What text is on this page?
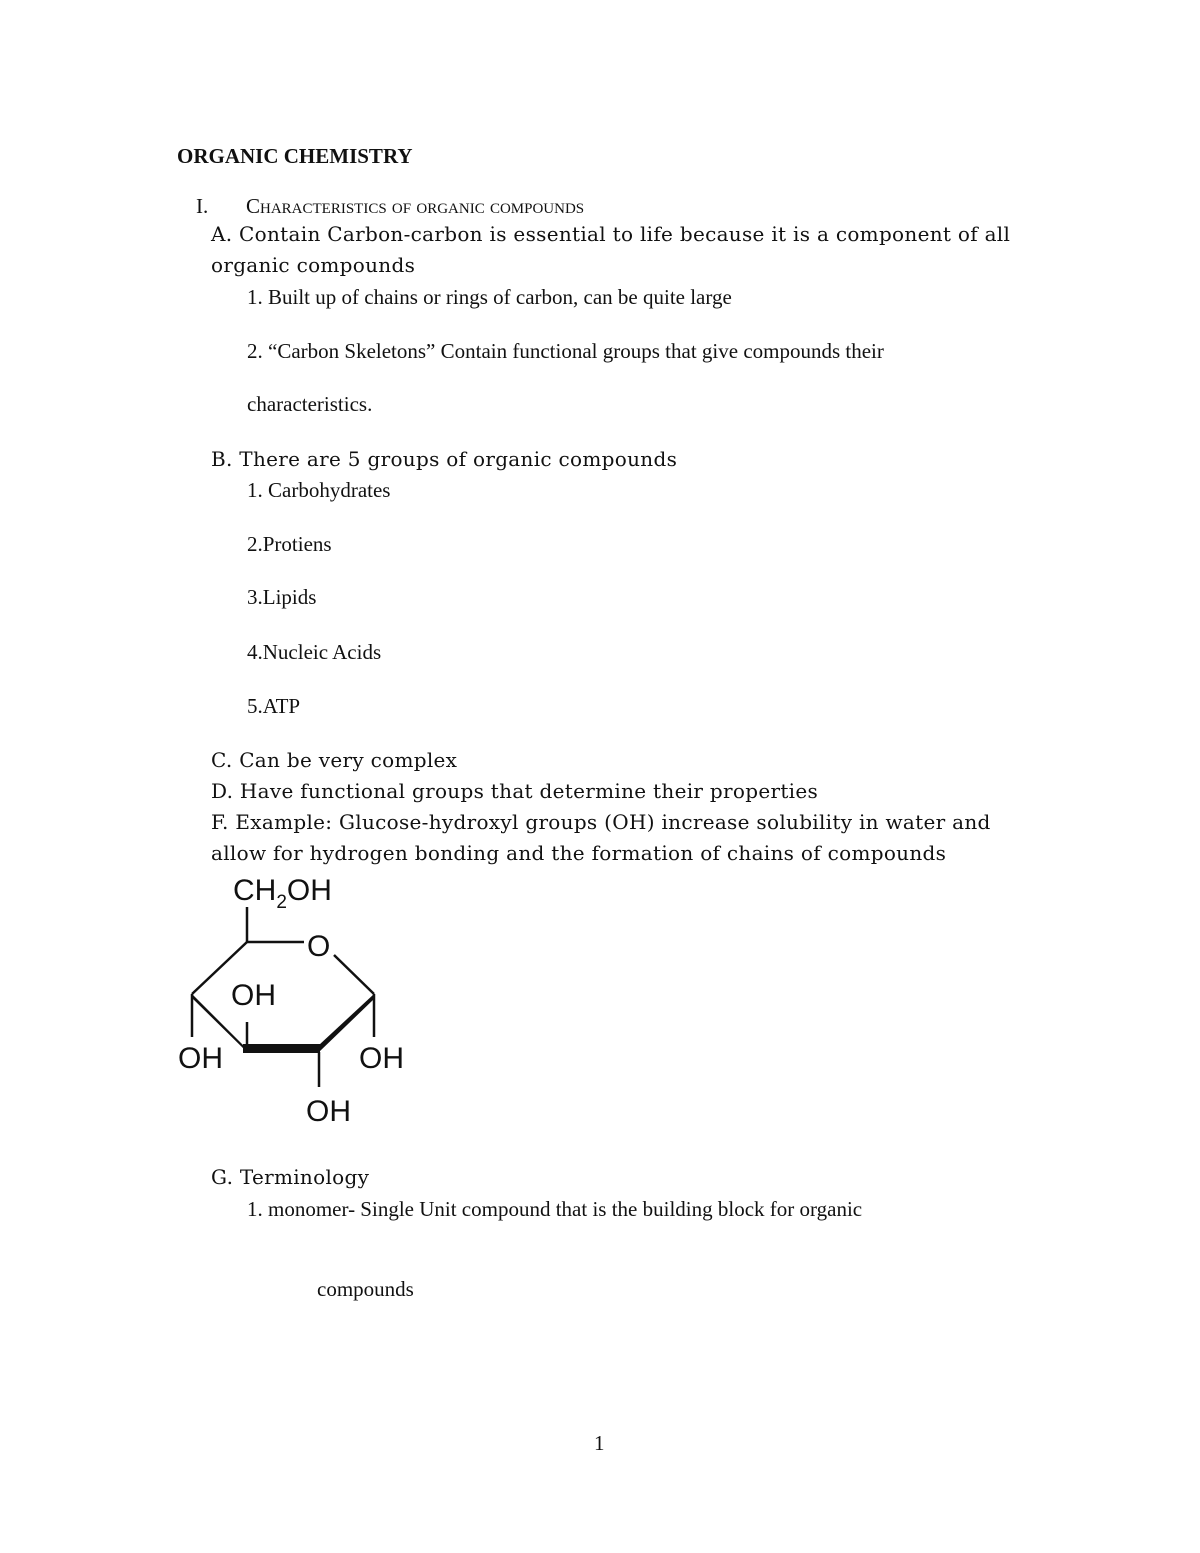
ORGANIC CHEMISTRY

I. Characteristics of organic compounds

A. Contain Carbon-carbon is essential to life because it is a component of all

organic compounds

1. Built up of chains or rings of carbon, can be quite large

2. “Carbon Skeletons” Contain functional groups that give compounds their

characteristics.

B. There are 5 groups of organic compounds

1. Carbohydrates

2.Protiens

3.Lipids

4.Nucleic Acids

5.ATP

C. Can be very complex

D. Have functional groups that determine their properties

F. Example: Glucose-hydroxyl groups (OH) increase solubility in water and

allow for hydrogen bonding and the formation of chains of compounds

$CH_2OH$
O
OH
OH	OH
OH

G. Terminology

1. monomer- Single Unit compound that is the building block for organic

compounds

1
